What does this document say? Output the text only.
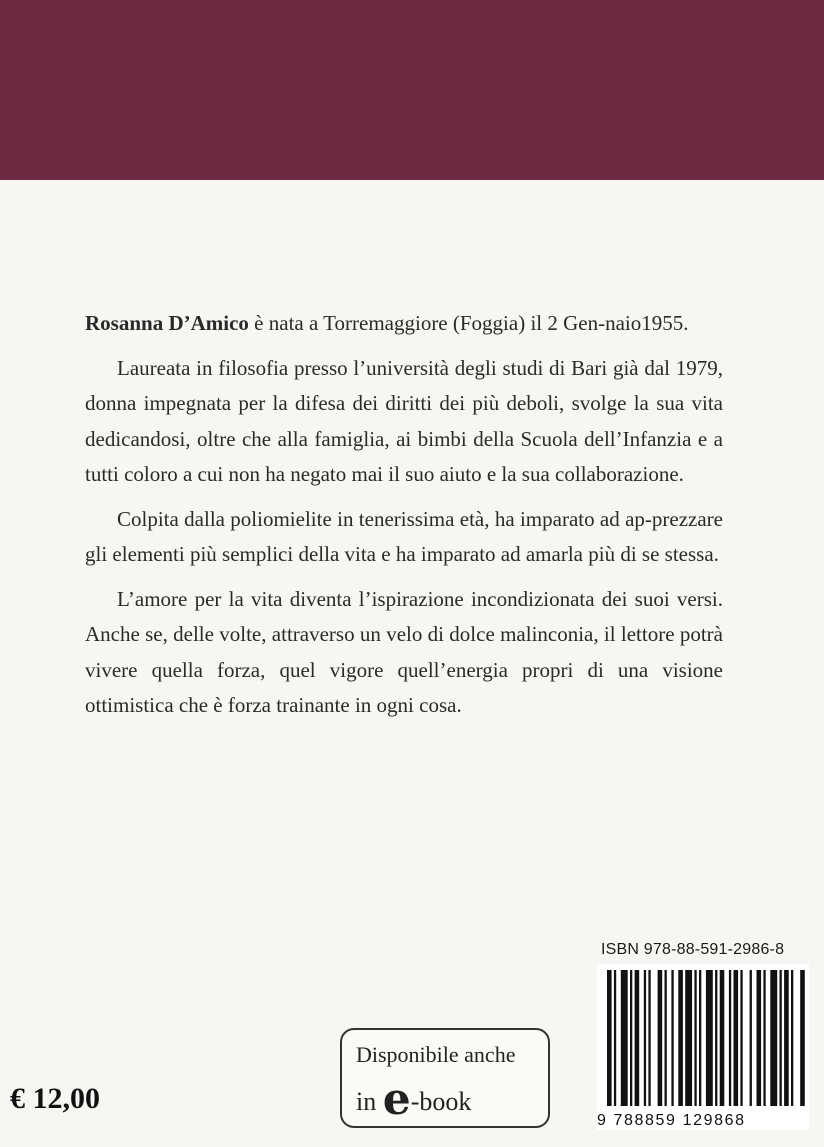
Rosanna D’Amico è nata a Torremaggiore (Foggia) il 2 Gen-naio1955.

Laureata in filosofia presso l’università degli studi di Bari già dal 1979, donna impegnata per la difesa dei diritti dei più deboli, svolge la sua vita dedicandosi, oltre che alla famiglia, ai bimbi della Scuola dell’Infanzia e a tutti coloro a cui non ha negato mai il suo aiuto e la sua collaborazione.

Colpita dalla poliomielite in tenerissima età, ha imparato ad ap-prezzare gli elementi più semplici della vita e ha imparato ad amarla più di se stessa.

L’amore per la vita diventa l’ispirazione incondizionata dei suoi versi. Anche se, delle volte, attraverso un velo di dolce malinconia, il lettore potrà vivere quella forza, quel vigore quell’energia propri di una visione ottimistica che è forza trainante in ogni cosa.

ISBN 978-88-591-2986-8
9 788859 129868
Disponibile anche
in e-book
€ 12,00
